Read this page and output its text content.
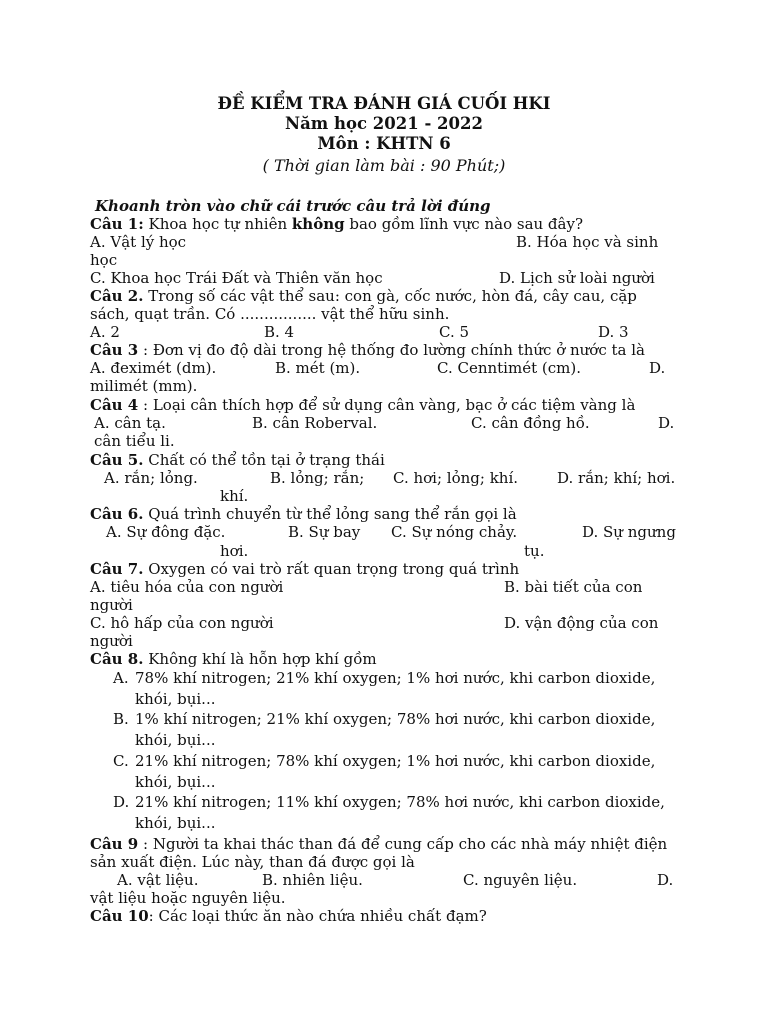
ĐỀ KIỂM TRA ĐÁNH GIÁ CUỐI HKI
Năm học 2021 - 2022
Môn : KHTN 6
( Thời gian làm bài : 90 Phút;)
Khoanh tròn vào chữ cái trước câu trả lời đúng
Câu 1: Khoa học tự nhiên không bao gồm lĩnh vực nào sau đây?
A. Vật lý học	B. Hóa học và sinh
học
C. Khoa học Trái Đất và Thiên văn học	D. Lịch sử loài người
Câu 2. Trong số các vật thể sau: con gà, cốc nước, hòn đá, cây cau, cặp
sách, quạt trần. Có ................ vật thể hữu sinh.
A. 2	B. 4	C. 5	D. 3
Câu 3 : Đơn vị đo độ dài trong hệ thống đo lường chính thức ở nước ta là
A. đeximét (dm).	B. mét (m).	C. Cenntimét (cm).	D.
milimét (mm).
Câu 4 : Loại cân thích hợp để sử dụng cân vàng, bạc ở các tiệm vàng là
A. cân tạ.	B. cân Roberval.	C. cân đồng hồ.	D.
cân tiểu li.
Câu 5. Chất có thể tồn tại ở trạng thái
A. rắn; lỏng.	B. lỏng; rắn; C. hơi; lỏng; khí.	D. rắn; khí; hơi.
khí.
Câu 6. Quá trình chuyển từ thể lỏng sang thể rắn gọi là
A. Sự đông đặc.	B. Sự bay C. Sự nóng chảy.	D. Sự ngưng
hơi.	tụ.
Câu 7. Oxygen có vai trò rất quan trọng trong quá trình
A. tiêu hóa của con người	B. bài tiết của con
người
C. hô hấp của con người	D. vận động của con
người
Câu 8. Không khí là hỗn hợp khí gồm
A. 78% khí nitrogen; 21% khí oxygen; 1% hơi nước, khi carbon dioxide,
khói, bụi...
B. 1% khí nitrogen; 21% khí oxygen; 78% hơi nước, khi carbon dioxide,
khói, bụi...
C. 21% khí nitrogen; 78% khí oxygen; 1% hơi nước, khi carbon dioxide,
khói, bụi...
D. 21% khí nitrogen; 11% khí oxygen; 78% hơi nước, khi carbon dioxide,
khói, bụi...
Câu 9 : Người ta khai thác than đá để cung cấp cho các nhà máy nhiệt điện
sản xuất điện. Lúc này, than đá được gọi là
A. vật liệu.	B. nhiên liệu.	C. nguyên liệu.	D.
vật liệu hoặc nguyên liệu.
Câu 10: Các loại thức ăn nào chứa nhiều chất đạm?
